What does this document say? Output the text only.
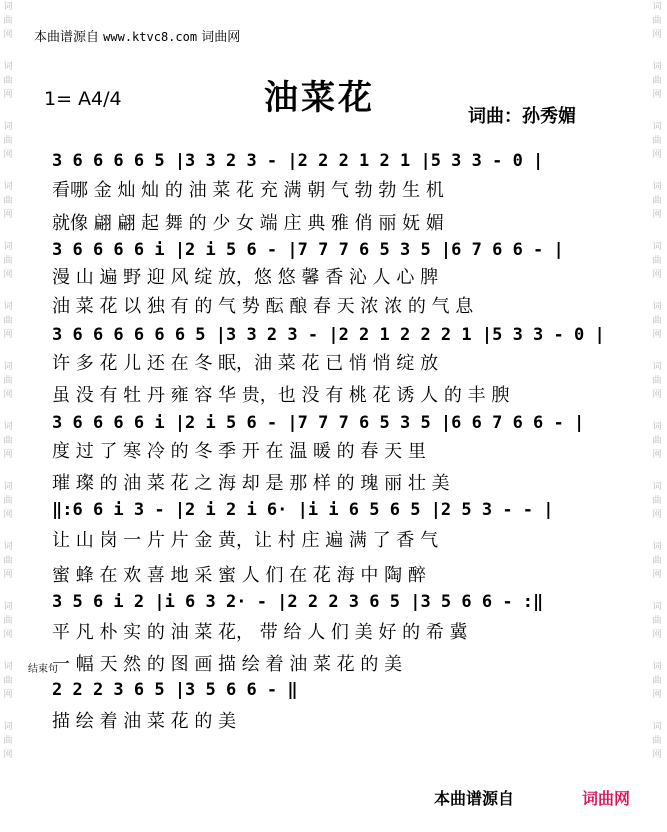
本曲谱源自 www.ktvc8.com 词曲网
词曲网
词曲网
词曲网
词曲网
词曲网
词曲网
词曲网
词曲网
词曲网
词曲网
词曲网
词曲网
词曲网
词曲网
词曲网
词曲网
词曲网
词曲网
词曲网
词曲网
词曲网
词曲网
词曲网
词曲网
词曲网
词曲网
1= A4/4	油菜花	词曲：孙秀媚
3 6 6 6 6 5 |3 3 2 3 - |2 2 2 1 2 1 |5 3 3 - 0 |
看哪 金 灿 灿 的 油 菜 花 充 满 朝 气 勃 勃 生 机
就像 翩 翩 起 舞 的 少 女 端 庄 典 雅 俏 丽 妩 媚
3 6 6 6 6 i |2 i 5 6 - |7 7 7 6 5 3 5 |6 7 6 6 - |
漫 山 遍 野 迎 风 绽 放，悠 悠 馨 香 沁 人 心 脾
油 菜 花 以 独 有 的 气 势 酝 酿 春 天 浓 浓 的 气 息
3 6 6 6 6 6 6 5 |3 3 2 3 - |2 2 1 2 2 2 1 |5 3 3 - 0 |
许 多 花 儿 还 在 冬 眠，油 菜 花 已 悄 悄 绽 放
虽 没 有 牡 丹 雍 容 华 贵，也 没 有 桃 花 诱 人 的 丰 腴
3 6 6 6 6 i |2 i 5 6 - |7 7 7 6 5 3 5 |6 6 7 6 6 - |
度 过 了 寒 冷 的 冬 季 开 在 温 暖 的 春 天 里
璀 璨 的 油 菜 花 之 海 却 是 那 样 的 瑰 丽 壮 美
‖:6 6 i 3 - |2 i 2 i 6· |i i 6 5 6 5 |2 5 3 - - |
让 山 岗 一 片 片 金 黄，让 村 庄 遍 满 了 香 气
蜜 蜂 在 欢 喜 地 采 蜜 人 们 在 花 海 中 陶 醉
3 5 6 i 2 |i 6 3 2· - |2 2 2 3 6 5 |3 5 6 6 - :‖
平 凡 朴 实 的 油 菜 花， 带 给 人 们 美 好 的 希 冀
一 幅 天 然 的 图 画 描 绘 着 油 菜 花 的 美
2 2 2 3 6 5 |3 5 6 6 - ‖
描 绘 着 油 菜 花 的 美
结束句
本曲谱源自	词曲网
